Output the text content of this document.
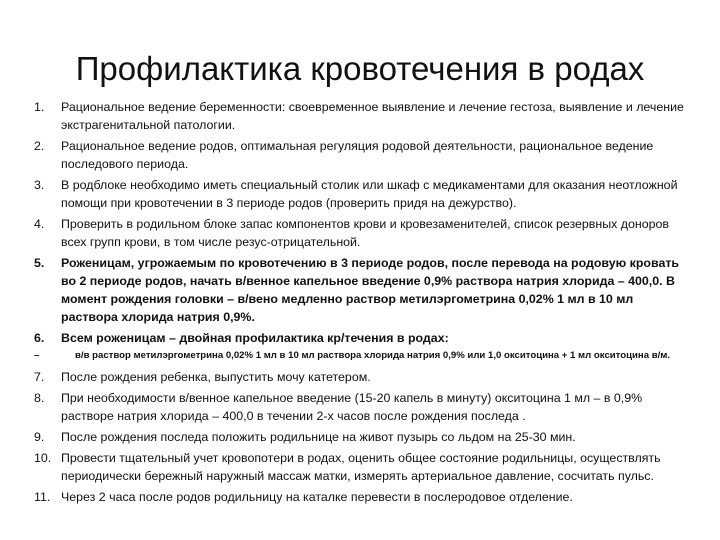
Профилактика кровотечения в родах
1.	Рациональное ведение беременности: своевременное выявление и лечение гестоза, выявление и лечение экстрагенитальной патологии.
2.	Рациональное ведение родов, оптимальная регуляция родовой деятельности, рациональное ведение последового периода.
3.	В родблоке необходимо иметь специальный столик или шкаф с медикаментами для оказания неотложной помощи при кровотечении в 3 периоде родов (проверить придя на дежурство).
4.	Проверить в родильном блоке запас компонентов крови и кровезаменителей, список резервных доноров всех групп крови, в том числе резус-отрицательной.
5.	Роженицам, угрожаемым по кровотечению в 3 периоде родов, после перевода на родовую кровать во 2 периоде родов, начать в/венное капельное введение 0,9% раствора натрия хлорида – 400,0. В момент рождения головки – в/вено медленно раствор метилэргометрина 0,02% 1 мл в 10 мл раствора хлорида натрия 0,9%.
6.	Всем роженицам – двойная профилактика кр/течения в родах:
–	в/в раствор метилэргометрина 0,02% 1 мл в 10 мл раствора хлорида натрия 0,9% или 1,0 окситоцина + 1 мл окситоцина в/м.
7.	После рождения ребенка, выпустить мочу катетером.
8.	При необходимости в/венное капельное введение (15-20 капель в минуту) окситоцина 1 мл – в 0,9% растворе натрия хлорида – 400,0 в течении 2-х часов после рождения последа .
9.	После рождения последа положить родильнице на живот пузырь со льдом на 25-30 мин.
10. Провести тщательный учет кровопотери в родах, оценить общее состояние родильницы, осуществлять периодически бережный наружный массаж матки, измерять артериальное давление, сосчитать пульс.
11. Через 2 часа после родов родильницу на каталке перевести в послеродовое отделение.
